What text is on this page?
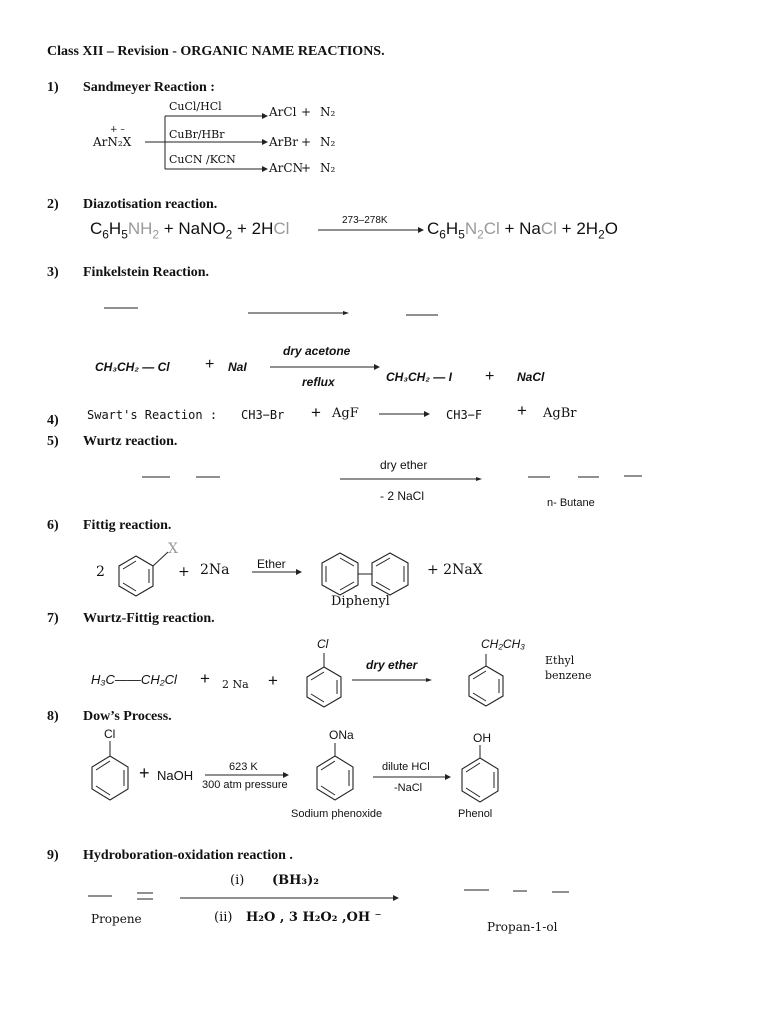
Class XII – Revision - ORGANIC NAME REACTIONS.
1) Sandmeyer Reaction :
+ –
ArN₂X
CuCl/HCl	ArCl + N₂
CuBr/HBr
ArBr + N₂
CuCN /KCN
ArCN
+ N₂
2) Diazotisation reaction.
$C_6H_5NH_2$ + NaNO$_2$ + 2HCl	273–278K $C_6H_5N_2Cl$ + NaCl + $2H_2O$
3) Finkelstein Reaction.
CH₃CH₂ — Cl + NaI
dry acetone
reflux	CH₃CH₂ — I + NaCl
4) Swart's Reaction : CH3−Br + AgF	CH3−F + AgBr
5) Wurtz reaction.
dry ether
- 2 NaCl	n- Butane
6) Fittig reaction.
2
X
+ 2Na Ether
Diphenyl
+ 2NaX
7) Wurtz-Fittig reaction.
H₃C——CH₂Cl + 2 Na +
Cl
dry ether
CH₂CH₃
Ethyl
benzene
8) Dow’s Process.
Cl
+ NaOH
623 K
300 atm pressure
ONa
Sodium phenoxide
dilute HCl
-NaCl
OH
Phenol
9) Hydroboration-oxidation reaction .
(i) (BH₃)₂
(ii) H₂O , 3 H₂O₂ ,OH ⁻
Propene
Propan-1-ol
